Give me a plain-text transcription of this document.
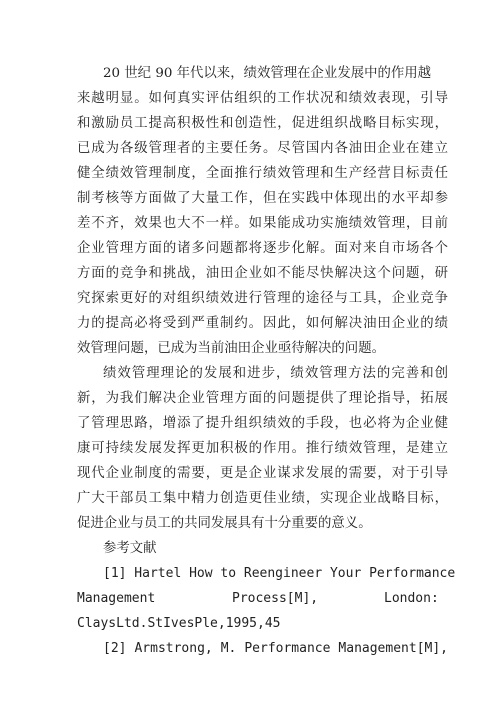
20 世纪 90 年代以来，绩效管理在企业发展中的作用越
来越明显。如何真实评估组织的工作状况和绩效表现，引导
和激励员工提高积极性和创造性，促进组织战略目标实现，
已成为各级管理者的主要任务。尽管国内各油田企业在建立
健全绩效管理制度，全面推行绩效管理和生产经营目标责任
制考核等方面做了大量工作，但在实践中体现出的水平却参
差不齐，效果也大不一样。如果能成功实施绩效管理，目前
企业管理方面的诸多问题都将逐步化解。面对来自市场各个
方面的竞争和挑战，油田企业如不能尽快解决这个问题，研
究探索更好的对组织绩效进行管理的途径与工具，企业竞争
力的提高必将受到严重制约。因此，如何解决油田企业的绩
效管理问题，已成为当前油田企业亟待解决的问题。
绩效管理理论的发展和进步，绩效管理方法的完善和创
新，为我们解决企业管理方面的问题提供了理论指导，拓展
了管理思路，增添了提升组织绩效的手段，也必将为企业健
康可持续发展发挥更加积极的作用。推行绩效管理，是建立
现代企业制度的需要，更是企业谋求发展的需要，对于引导
广大干部员工集中精力创造更佳业绩，实现企业战略目标，
促进企业与员工的共同发展具有十分重要的意义。
参考文献
[1] Hartel How to Reengineer Your Performance
Management	Process[M],	London:
ClaysLtd.StIvesPle,1995,45
[2] Armstrong, M. Performance Management[M],
